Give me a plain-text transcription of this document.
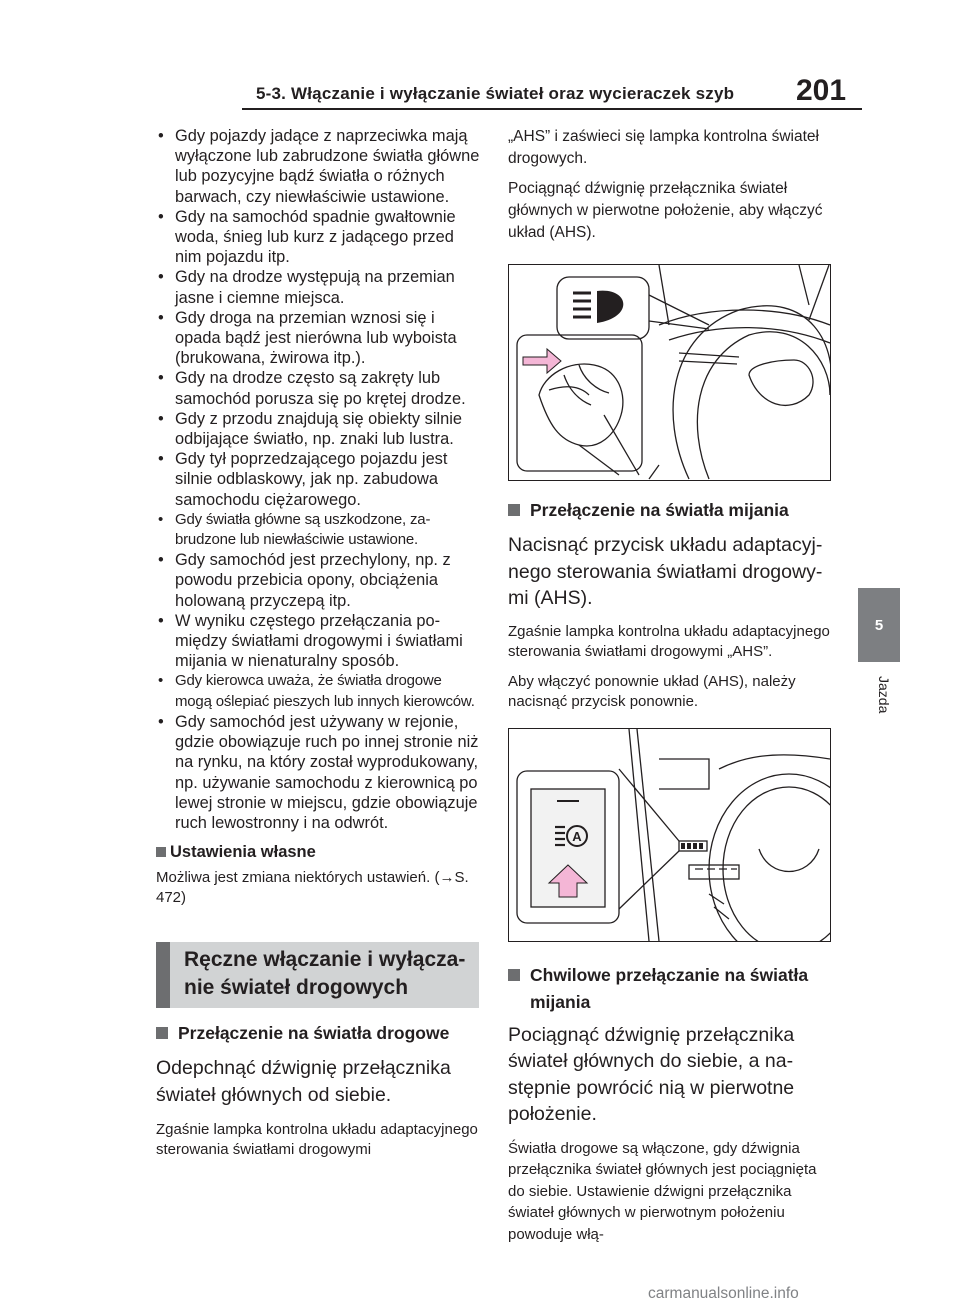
5-3. Włączanie i wyłączanie świateł oraz wycieraczek szyb 201
5
Jazda
• Gdy pojazdy jadące z naprzeciwka mają wyłączone lub zabrudzone światła główne lub pozycyjne bądź światła o różnych barwach, czy niewłaściwie ustawione.
• Gdy na samochód spadnie gwałtownie woda, śnieg lub kurz z jadącego przed nim pojazdu itp.
• Gdy na drodze występują na przemian jasne i ciemne miejsca.
• Gdy droga na przemian wznosi się i opada bądź jest nierówna lub wyboista (brukowana, żwirowa itp.).
• Gdy na drodze często są zakręty lub samochód porusza się po krętej drodze.
• Gdy z przodu znajdują się obiekty silnie odbijające światło, np. znaki lub lustra.
• Gdy tył poprzedzającego pojazdu jest silnie odblaskowy, jak np. zabudowa samochodu ciężarowego.
• Gdy światła główne są uszkodzone, zabrudzone lub niewłaściwie ustawione.
• Gdy samochód jest przechylony, np. z powodu przebicia opony, obciążenia holowaną przyczepą itp.
• W wyniku częstego przełączania pomiędzy światłami drogowymi i światłami mijania w nienaturalny sposób.
• Gdy kierowca uważa, że światła drogowe mogą oślepiać pieszych lub innych kierowców.
• Gdy samochód jest używany w rejonie, gdzie obowiązuje ruch po innej stronie niż na rynku, na który został wyprodukowany, np. używanie samochodu z kierownicą po lewej stronie w miejscu, gdzie obowiązuje ruch lewostronny i na odwrót.
Ustawienia własne

Możliwa jest zmiana niektórych ustawień. (→S. 472)

Ręczne włączanie i wyłączanie świateł drogowych
Przełączenie na światła drogowe

Odepchnąć dźwignię przełącznika świateł głównych od siebie.

Zgaśnie lampka kontrolna układu adaptacyjnego sterowania światłami drogowymi

„AHS” i zaświeci się lampka kontrolna świateł drogowych.

Pociągnąć dźwignię przełącznika świateł głównych w pierwotne położenie, aby włączyć układ (AHS).

Przełączenie na światła mijania

Nacisnąć przycisk układu adaptacyjnego sterowania światłami drogowymi (AHS).

Zgaśnie lampka kontrolna układu adaptacyjnego sterowania światłami drogowymi „AHS”.

Aby włączyć ponownie układ (AHS), należy nacisnąć przycisk ponownie.

A
Chwilowe przełączanie na światła mijania

Pociągnąć dźwignię przełącznika świateł głównych do siebie, a następnie powrócić nią w pierwotne położenie.

Światła drogowe są włączone, gdy dźwignia przełącznika świateł głównych jest pociągnięta do siebie. Ustawienie dźwigni przełącznika świateł głównych w pierwotnym położeniu powoduje włą-

carmanualsonline.info
